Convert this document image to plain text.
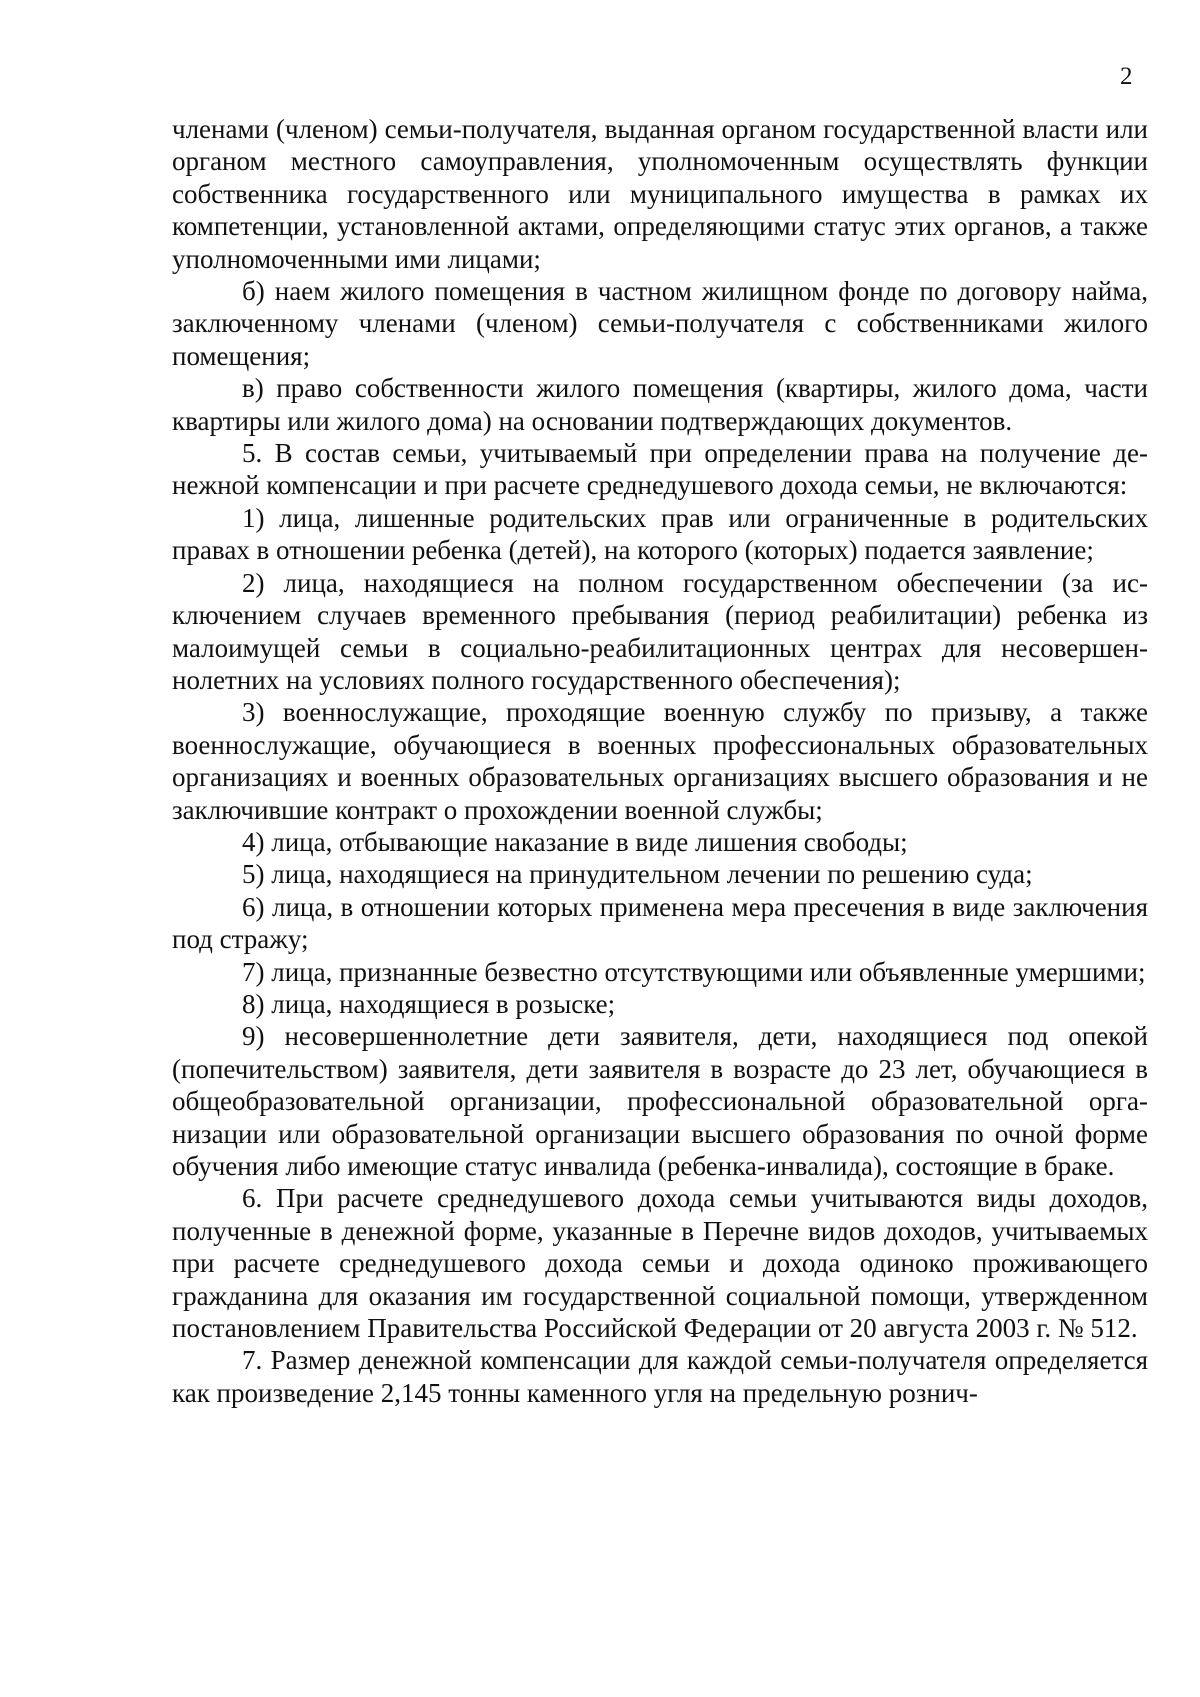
2

членами (членом) семьи-получателя, выданная органом государственной власти или органом местного самоуправления, уполномоченным осуществлять функции собственника государственного или муниципального имущества в рамках их компетенции, установленной актами, определяющими статус этих органов, а также уполномоченными ими лицами;

б) наем жилого помещения в частном жилищном фонде по договору найма, заключенному членами (членом) семьи-получателя с собственниками жилого помещения;

в) право собственности жилого помещения (квартиры, жилого дома, части квартиры или жилого дома) на основании подтверждающих документов.

5. В состав семьи, учитываемый при определении права на получение денежной компенсации и при расчете среднедушевого дохода семьи, не включаются:

1) лица, лишенные родительских прав или ограниченные в родительских правах в отношении ребенка (детей), на которого (которых) подается заявление;

2) лица, находящиеся на полном государственном обеспечении (за исключением случаев временного пребывания (период реабилитации) ребенка из малоимущей семьи в социально-реабилитационных центрах для несовершеннолетних на условиях полного государственного обеспечения);

3) военнослужащие, проходящие военную службу по призыву, а также военнослужащие, обучающиеся в военных профессиональных образовательных организациях и военных образовательных организациях высшего образования и не заключившие контракт о прохождении военной службы;

4) лица, отбывающие наказание в виде лишения свободы;

5) лица, находящиеся на принудительном лечении по решению суда;

6) лица, в отношении которых применена мера пресечения в виде заключения под стражу;

7) лица, признанные безвестно отсутствующими или объявленные умершими;

8) лица, находящиеся в розыске;

9) несовершеннолетние дети заявителя, дети, находящиеся под опекой (попечительством) заявителя, дети заявителя в возрасте до 23 лет, обучающиеся в общеобразовательной организации, профессиональной образовательной организации или образовательной организации высшего образования по очной форме обучения либо имеющие статус инвалида (ребенка-инвалида), состоящие в браке.

6. При расчете среднедушевого дохода семьи учитываются виды доходов, полученные в денежной форме, указанные в Перечне видов доходов, учитываемых при расчете среднедушевого дохода семьи и дохода одиноко проживающего гражданина для оказания им государственной социальной помощи, утвержденном постановлением Правительства Российской Федерации от 20 августа 2003 г. № 512.

7. Размер денежной компенсации для каждой семьи-получателя определяется как произведение 2,145 тонны каменного угля на предельную рознич-
